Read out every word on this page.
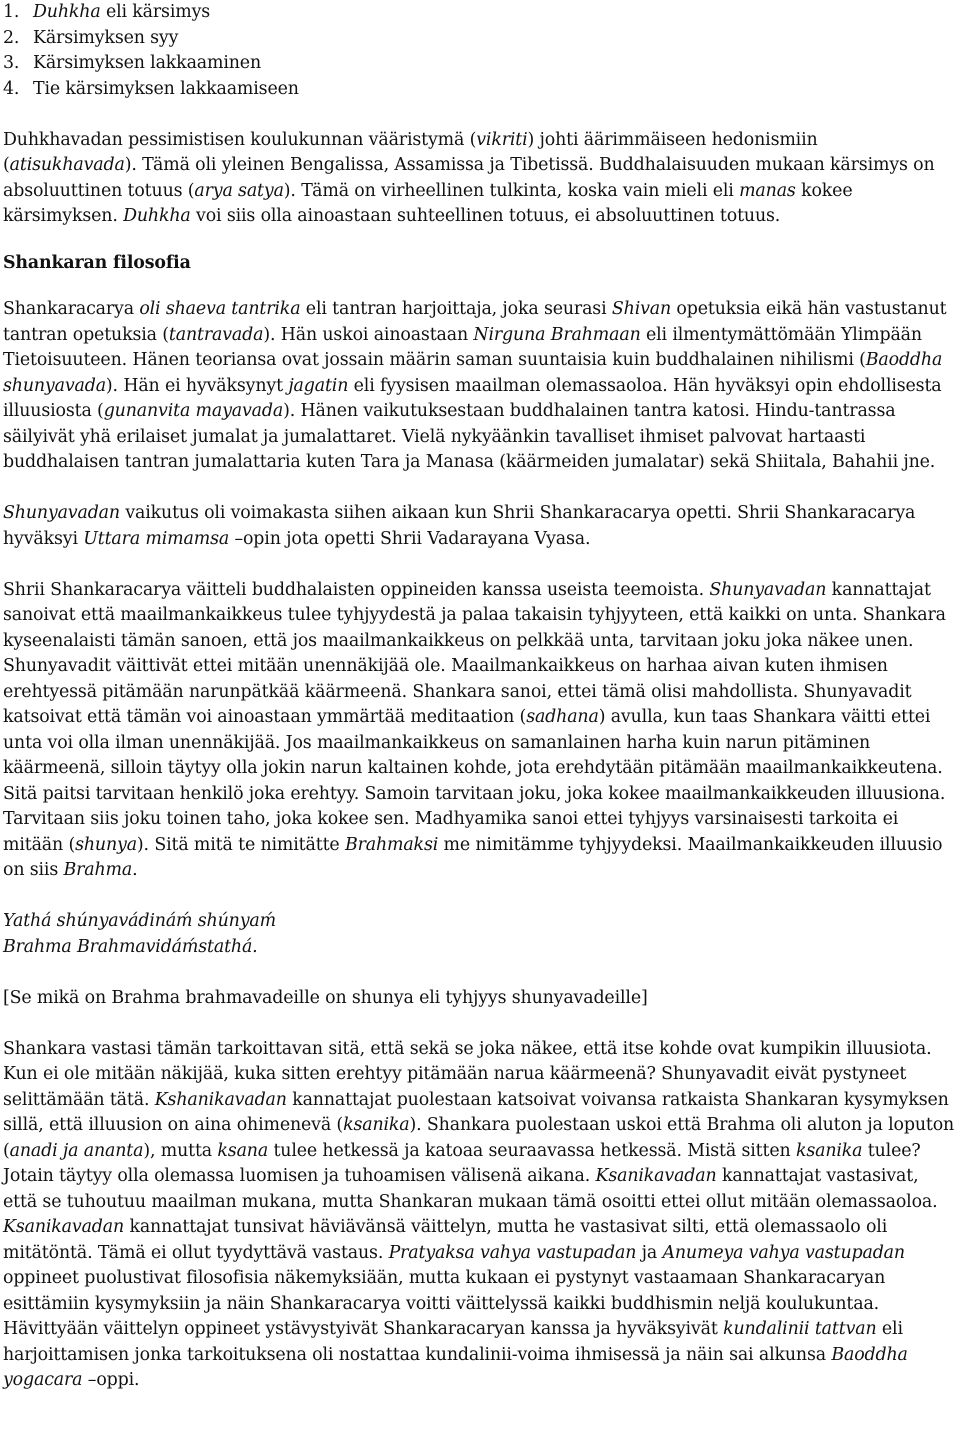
1. Duhkha eli kärsimys
2. Kärsimyksen syy
3. Kärsimyksen lakkaaminen
4. Tie kärsimyksen lakkaamiseen

Duhkhavadan pessimistisen koulukunnan vääristymä (vikriti) johti äärimmäiseen hedonismiin (atisukhavada). Tämä oli yleinen Bengalissa, Assamissa ja Tibetissä. Buddhalaisuuden mukaan kärsimys on absoluuttinen totuus (arya satya). Tämä on virheellinen tulkinta, koska vain mieli eli manas kokee kärsimyksen. Duhkha voi siis olla ainoastaan suhteellinen totuus, ei absoluuttinen totuus.

Shankaran filosofia

Shankaracarya oli shaeva tantrika eli tantran harjoittaja, joka seurasi Shivan opetuksia eikä hän vastustanut tantran opetuksia (tantravada). Hän uskoi ainoastaan Nirguna Brahmaan eli ilmentymättömään Ylimpään Tietoisuuteen. Hänen teoriansa ovat jossain määrin saman suuntaisia kuin buddhalainen nihilismi (Baoddha shunyavada). Hän ei hyväksynyt jagatin eli fyysisen maailman olemassaoloa. Hän hyväksyi opin ehdollisesta illuusiosta (gunanvita mayavada). Hänen vaikutuksestaan buddhalainen tantra katosi. Hindu-tantrassa säilyivät yhä erilaiset jumalat ja jumalattaret. Vielä nykyäänkin tavalliset ihmiset palvovat hartaasti buddhalaisen tantran jumalattaria kuten Tara ja Manasa (käärmeiden jumalatar) sekä Shiitala, Bahahii jne.

Shunyavadan vaikutus oli voimakasta siihen aikaan kun Shrii Shankaracarya opetti. Shrii Shankaracarya hyväksyi Uttara mimamsa –opin jota opetti Shrii Vadarayana Vyasa.

Shrii Shankaracarya väitteli buddhalaisten oppineiden kanssa useista teemoista. Shunyavadan kannattajat sanoivat että maailmankaikkeus tulee tyhjyydestä ja palaa takaisin tyhjyyteen, että kaikki on unta. Shankara kyseenalaisti tämän sanoen, että jos maailmankaikkeus on pelkkää unta, tarvitaan joku joka näkee unen. Shunyavadit väittivät ettei mitään unennäkijää ole. Maailmankaikkeus on harhaa aivan kuten ihmisen erehtyessä pitämään narunpätkää käärmeenä. Shankara sanoi, ettei tämä olisi mahdollista. Shunyavadit katsoivat että tämän voi ainoastaan ymmärtää meditaation (sadhana) avulla, kun taas Shankara väitti ettei unta voi olla ilman unennäkijää. Jos maailmankaikkeus on samanlainen harha kuin narun pitäminen käärmeenä, silloin täytyy olla jokin narun kaltainen kohde, jota erehdytään pitämään maailmankaikkeutena. Sitä paitsi tarvitaan henkilö joka erehtyy. Samoin tarvitaan joku, joka kokee maailmankaikkeuden illuusiona. Tarvitaan siis joku toinen taho, joka kokee sen. Madhyamika sanoi ettei tyhjyys varsinaisesti tarkoita ei mitään (shunya). Sitä mitä te nimitätte Brahmaksi me nimitämme tyhjyydeksi. Maailmankaikkeuden illuusio on siis Brahma.

Yathá shúnyavádináḿ shúnyaḿ
Brahma Brahmavidáḿstathá.

[Se mikä on Brahma brahmavadeille on shunya eli tyhjyys shunyavadeille]

Shankara vastasi tämän tarkoittavan sitä, että sekä se joka näkee, että itse kohde ovat kumpikin illuusiota. Kun ei ole mitään näkijää, kuka sitten erehtyy pitämään narua käärmeenä? Shunyavadit eivät pystyneet selittämään tätä. Kshanikavadan kannattajat puolestaan katsoivat voivansa ratkaista Shankaran kysymyksen sillä, että illuusion on aina ohimenevä (ksanika). Shankara puolestaan uskoi että Brahma oli aluton ja loputon (anadi ja ananta), mutta ksana tulee hetkessä ja katoaa seuraavassa hetkessä. Mistä sitten ksanika tulee? Jotain täytyy olla olemassa luomisen ja tuhoamisen välisenä aikana. Ksanikavadan kannattajat vastasivat, että se tuhoutuu maailman mukana, mutta Shankaran mukaan tämä osoitti ettei ollut mitään olemassaoloa. Ksanikavadan kannattajat tunsivat häviävänsä väittelyn, mutta he vastasivat silti, että olemassaolo oli mitätöntä. Tämä ei ollut tyydyttävä vastaus. Pratyaksa vahya vastupadan ja Anumeya vahya vastupadan oppineet puolustivat filosofisia näkemyksiään, mutta kukaan ei pystynyt vastaamaan Shankaracaryan esittämiin kysymyksiin ja näin Shankaracarya voitti väittelyssä kaikki buddhismin neljä koulukuntaa. Hävittyään väittelyn oppineet ystävystyivät Shankaracaryan kanssa ja hyväksyivät kundalinii tattvan eli harjoittamisen jonka tarkoituksena oli nostattaa kundalinii-voima ihmisessä ja näin sai alkunsa Baoddha yogacara –oppi.
